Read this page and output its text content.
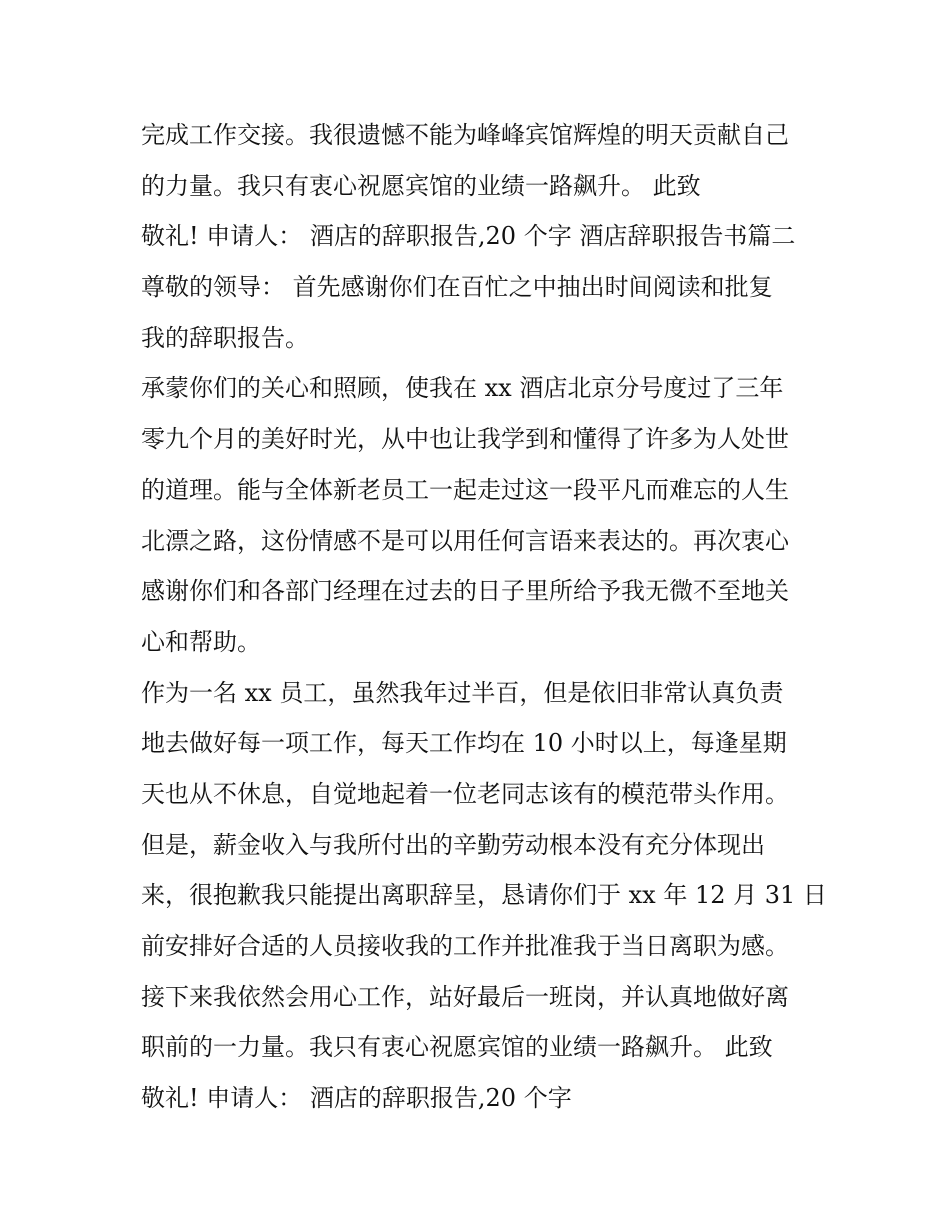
完成工作交接。我很遗憾不能为峰峰宾馆辉煌的明天贡献自己
的力量。我只有衷心祝愿宾馆的业绩一路飙升。 此致
敬礼! 申请人： 酒店的辞职报告,20 个字 酒店辞职报告书篇二
尊敬的领导： 首先感谢你们在百忙之中抽出时间阅读和批复
我的辞职报告。
承蒙你们的关心和照顾，使我在 xx 酒店北京分号度过了三年
零九个月的美好时光，从中也让我学到和懂得了许多为人处世
的道理。能与全体新老员工一起走过这一段平凡而难忘的人生
北漂之路，这份情感不是可以用任何言语来表达的。再次衷心
感谢你们和各部门经理在过去的日子里所给予我无微不至地关
心和帮助。
作为一名 xx 员工，虽然我年过半百，但是依旧非常认真负责
地去做好每一项工作，每天工作均在 10 小时以上，每逢星期
天也从不休息，自觉地起着一位老同志该有的模范带头作用。
但是，薪金收入与我所付出的辛勤劳动根本没有充分体现出
来，很抱歉我只能提出离职辞呈，恳请你们于 xx 年 12 月 31 日
前安排好合适的人员接收我的工作并批准我于当日离职为感。
接下来我依然会用心工作，站好最后一班岗，并认真地做好离
职前的一力量。我只有衷心祝愿宾馆的业绩一路飙升。 此致
敬礼! 申请人： 酒店的辞职报告,20 个字
